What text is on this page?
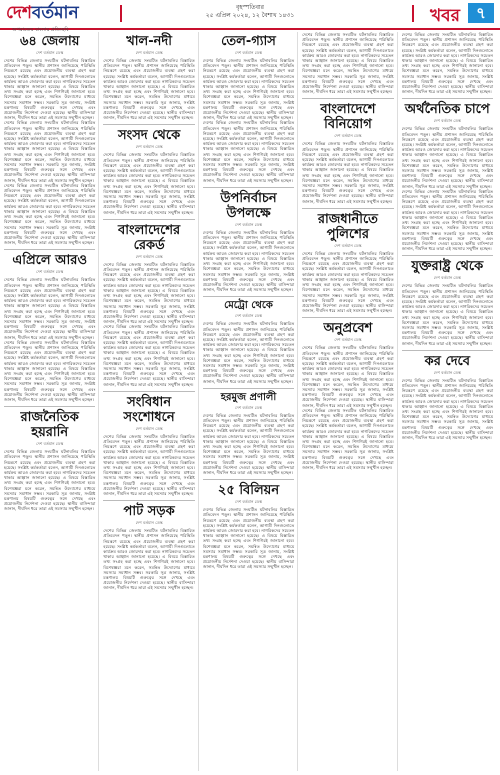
দেশবর্তমান
অপরাজেয় বাংলার প্রতিচ্ছবি
বৃহস্পতিবার
২৫ এপ্রিল ২০২৪, ১২ বৈশাখ ১৪৩১	খবর	৭
৬৪ জেলায়
দেশ বর্তমান ডেস্ক
দেশের বিভিন্ন জেলায় সংঘটিত ঘটনাবলির বিস্তারিত প্রতিবেদন পড়ুন। স্থানীয় প্রশাসন জানিয়েছে পরিস্থিতি নিয়ন্ত্রণে রয়েছে এবং প্রয়োজনীয় ব্যবস্থা গ্রহণ করা হয়েছে। সংশ্লিষ্ট কর্মকর্তারা বলেন, আগামী দিনগুলোতে কার্যক্রম আরও জোরদার করা হবে। নাগরিকদের সচেতন থাকার আহ্বান জানানো হয়েছে। এ বিষয়ে বিস্তারিত তথ্য সংগ্রহ করা হচ্ছে এবং শিগগিরই জানানো হবে। বিশেষজ্ঞরা মনে করেন, সমন্বিত উদ্যোগের মাধ্যমে সমস্যার সমাধান সম্ভব। সরকারি সূত্র জানায়, সংশ্লিষ্ট মন্ত্রণালয় বিষয়টি গুরুত্বের সঙ্গে দেখছে এবং প্রয়োজনীয় নির্দেশনা দেওয়া হয়েছে। স্থানীয় বাসিন্দারা জানান, দীর্ঘদিন ধরে তারা এই সমস্যার সম্মুখীন হচ্ছেন।
দেশের বিভিন্ন জেলায় সংঘটিত ঘটনাবলির বিস্তারিত প্রতিবেদন পড়ুন। স্থানীয় প্রশাসন জানিয়েছে পরিস্থিতি নিয়ন্ত্রণে রয়েছে এবং প্রয়োজনীয় ব্যবস্থা গ্রহণ করা হয়েছে। সংশ্লিষ্ট কর্মকর্তারা বলেন, আগামী দিনগুলোতে কার্যক্রম আরও জোরদার করা হবে। নাগরিকদের সচেতন থাকার আহ্বান জানানো হয়েছে। এ বিষয়ে বিস্তারিত তথ্য সংগ্রহ করা হচ্ছে এবং শিগগিরই জানানো হবে। বিশেষজ্ঞরা মনে করেন, সমন্বিত উদ্যোগের মাধ্যমে সমস্যার সমাধান সম্ভব। সরকারি সূত্র জানায়, সংশ্লিষ্ট মন্ত্রণালয় বিষয়টি গুরুত্বের সঙ্গে দেখছে এবং প্রয়োজনীয় নির্দেশনা দেওয়া হয়েছে। স্থানীয় বাসিন্দারা জানান, দীর্ঘদিন ধরে তারা এই সমস্যার সম্মুখীন হচ্ছেন।
দেশের বিভিন্ন জেলায় সংঘটিত ঘটনাবলির বিস্তারিত প্রতিবেদন পড়ুন। স্থানীয় প্রশাসন জানিয়েছে পরিস্থিতি নিয়ন্ত্রণে রয়েছে এবং প্রয়োজনীয় ব্যবস্থা গ্রহণ করা হয়েছে। সংশ্লিষ্ট কর্মকর্তারা বলেন, আগামী দিনগুলোতে কার্যক্রম আরও জোরদার করা হবে। নাগরিকদের সচেতন থাকার আহ্বান জানানো হয়েছে। এ বিষয়ে বিস্তারিত তথ্য সংগ্রহ করা হচ্ছে এবং শিগগিরই জানানো হবে। বিশেষজ্ঞরা মনে করেন, সমন্বিত উদ্যোগের মাধ্যমে সমস্যার সমাধান সম্ভব। সরকারি সূত্র জানায়, সংশ্লিষ্ট মন্ত্রণালয় বিষয়টি গুরুত্বের সঙ্গে দেখছে এবং প্রয়োজনীয় নির্দেশনা দেওয়া হয়েছে। স্থানীয় বাসিন্দারা জানান, দীর্ঘদিন ধরে তারা এই সমস্যার সম্মুখীন হচ্ছেন।
এপ্রিলে আরও
দেশ বর্তমান ডেস্ক
দেশের বিভিন্ন জেলায় সংঘটিত ঘটনাবলির বিস্তারিত প্রতিবেদন পড়ুন। স্থানীয় প্রশাসন জানিয়েছে পরিস্থিতি নিয়ন্ত্রণে রয়েছে এবং প্রয়োজনীয় ব্যবস্থা গ্রহণ করা হয়েছে। সংশ্লিষ্ট কর্মকর্তারা বলেন, আগামী দিনগুলোতে কার্যক্রম আরও জোরদার করা হবে। নাগরিকদের সচেতন থাকার আহ্বান জানানো হয়েছে। এ বিষয়ে বিস্তারিত তথ্য সংগ্রহ করা হচ্ছে এবং শিগগিরই জানানো হবে। বিশেষজ্ঞরা মনে করেন, সমন্বিত উদ্যোগের মাধ্যমে সমস্যার সমাধান সম্ভব। সরকারি সূত্র জানায়, সংশ্লিষ্ট মন্ত্রণালয় বিষয়টি গুরুত্বের সঙ্গে দেখছে এবং প্রয়োজনীয় নির্দেশনা দেওয়া হয়েছে। স্থানীয় বাসিন্দারা জানান, দীর্ঘদিন ধরে তারা এই সমস্যার সম্মুখীন হচ্ছেন।
দেশের বিভিন্ন জেলায় সংঘটিত ঘটনাবলির বিস্তারিত প্রতিবেদন পড়ুন। স্থানীয় প্রশাসন জানিয়েছে পরিস্থিতি নিয়ন্ত্রণে রয়েছে এবং প্রয়োজনীয় ব্যবস্থা গ্রহণ করা হয়েছে। সংশ্লিষ্ট কর্মকর্তারা বলেন, আগামী দিনগুলোতে কার্যক্রম আরও জোরদার করা হবে। নাগরিকদের সচেতন থাকার আহ্বান জানানো হয়েছে। এ বিষয়ে বিস্তারিত তথ্য সংগ্রহ করা হচ্ছে এবং শিগগিরই জানানো হবে। বিশেষজ্ঞরা মনে করেন, সমন্বিত উদ্যোগের মাধ্যমে সমস্যার সমাধান সম্ভব। সরকারি সূত্র জানায়, সংশ্লিষ্ট মন্ত্রণালয় বিষয়টি গুরুত্বের সঙ্গে দেখছে এবং প্রয়োজনীয় নির্দেশনা দেওয়া হয়েছে। স্থানীয় বাসিন্দারা জানান, দীর্ঘদিন ধরে তারা এই সমস্যার সম্মুখীন হচ্ছেন।
রাজনৈতিক হয়রানি
দেশ বর্তমান ডেস্ক
দেশের বিভিন্ন জেলায় সংঘটিত ঘটনাবলির বিস্তারিত প্রতিবেদন পড়ুন। স্থানীয় প্রশাসন জানিয়েছে পরিস্থিতি নিয়ন্ত্রণে রয়েছে এবং প্রয়োজনীয় ব্যবস্থা গ্রহণ করা হয়েছে। সংশ্লিষ্ট কর্মকর্তারা বলেন, আগামী দিনগুলোতে কার্যক্রম আরও জোরদার করা হবে। নাগরিকদের সচেতন থাকার আহ্বান জানানো হয়েছে। এ বিষয়ে বিস্তারিত তথ্য সংগ্রহ করা হচ্ছে এবং শিগগিরই জানানো হবে। বিশেষজ্ঞরা মনে করেন, সমন্বিত উদ্যোগের মাধ্যমে সমস্যার সমাধান সম্ভব। সরকারি সূত্র জানায়, সংশ্লিষ্ট মন্ত্রণালয় বিষয়টি গুরুত্বের সঙ্গে দেখছে এবং প্রয়োজনীয় নির্দেশনা দেওয়া হয়েছে। স্থানীয় বাসিন্দারা জানান, দীর্ঘদিন ধরে তারা এই সমস্যার সম্মুখীন হচ্ছেন।
খাল-নদী
দেশ বর্তমান ডেস্ক
দেশের বিভিন্ন জেলায় সংঘটিত ঘটনাবলির বিস্তারিত প্রতিবেদন পড়ুন। স্থানীয় প্রশাসন জানিয়েছে পরিস্থিতি নিয়ন্ত্রণে রয়েছে এবং প্রয়োজনীয় ব্যবস্থা গ্রহণ করা হয়েছে। সংশ্লিষ্ট কর্মকর্তারা বলেন, আগামী দিনগুলোতে কার্যক্রম আরও জোরদার করা হবে। নাগরিকদের সচেতন থাকার আহ্বান জানানো হয়েছে। এ বিষয়ে বিস্তারিত তথ্য সংগ্রহ করা হচ্ছে এবং শিগগিরই জানানো হবে। বিশেষজ্ঞরা মনে করেন, সমন্বিত উদ্যোগের মাধ্যমে সমস্যার সমাধান সম্ভব। সরকারি সূত্র জানায়, সংশ্লিষ্ট মন্ত্রণালয় বিষয়টি গুরুত্বের সঙ্গে দেখছে এবং প্রয়োজনীয় নির্দেশনা দেওয়া হয়েছে। স্থানীয় বাসিন্দারা জানান, দীর্ঘদিন ধরে তারা এই সমস্যার সম্মুখীন হচ্ছেন।
সংসদ থেকে
দেশ বর্তমান ডেস্ক
দেশের বিভিন্ন জেলায় সংঘটিত ঘটনাবলির বিস্তারিত প্রতিবেদন পড়ুন। স্থানীয় প্রশাসন জানিয়েছে পরিস্থিতি নিয়ন্ত্রণে রয়েছে এবং প্রয়োজনীয় ব্যবস্থা গ্রহণ করা হয়েছে। সংশ্লিষ্ট কর্মকর্তারা বলেন, আগামী দিনগুলোতে কার্যক্রম আরও জোরদার করা হবে। নাগরিকদের সচেতন থাকার আহ্বান জানানো হয়েছে। এ বিষয়ে বিস্তারিত তথ্য সংগ্রহ করা হচ্ছে এবং শিগগিরই জানানো হবে। বিশেষজ্ঞরা মনে করেন, সমন্বিত উদ্যোগের মাধ্যমে সমস্যার সমাধান সম্ভব। সরকারি সূত্র জানায়, সংশ্লিষ্ট মন্ত্রণালয় বিষয়টি গুরুত্বের সঙ্গে দেখছে এবং প্রয়োজনীয় নির্দেশনা দেওয়া হয়েছে। স্থানীয় বাসিন্দারা জানান, দীর্ঘদিন ধরে তারা এই সমস্যার সম্মুখীন হচ্ছেন।
বাংলাদেশের রেকর্ড
দেশ বর্তমান ডেস্ক
দেশের বিভিন্ন জেলায় সংঘটিত ঘটনাবলির বিস্তারিত প্রতিবেদন পড়ুন। স্থানীয় প্রশাসন জানিয়েছে পরিস্থিতি নিয়ন্ত্রণে রয়েছে এবং প্রয়োজনীয় ব্যবস্থা গ্রহণ করা হয়েছে। সংশ্লিষ্ট কর্মকর্তারা বলেন, আগামী দিনগুলোতে কার্যক্রম আরও জোরদার করা হবে। নাগরিকদের সচেতন থাকার আহ্বান জানানো হয়েছে। এ বিষয়ে বিস্তারিত তথ্য সংগ্রহ করা হচ্ছে এবং শিগগিরই জানানো হবে। বিশেষজ্ঞরা মনে করেন, সমন্বিত উদ্যোগের মাধ্যমে সমস্যার সমাধান সম্ভব। সরকারি সূত্র জানায়, সংশ্লিষ্ট মন্ত্রণালয় বিষয়টি গুরুত্বের সঙ্গে দেখছে এবং প্রয়োজনীয় নির্দেশনা দেওয়া হয়েছে। স্থানীয় বাসিন্দারা জানান, দীর্ঘদিন ধরে তারা এই সমস্যার সম্মুখীন হচ্ছেন।
দেশের বিভিন্ন জেলায় সংঘটিত ঘটনাবলির বিস্তারিত প্রতিবেদন পড়ুন। স্থানীয় প্রশাসন জানিয়েছে পরিস্থিতি নিয়ন্ত্রণে রয়েছে এবং প্রয়োজনীয় ব্যবস্থা গ্রহণ করা হয়েছে। সংশ্লিষ্ট কর্মকর্তারা বলেন, আগামী দিনগুলোতে কার্যক্রম আরও জোরদার করা হবে। নাগরিকদের সচেতন থাকার আহ্বান জানানো হয়েছে। এ বিষয়ে বিস্তারিত তথ্য সংগ্রহ করা হচ্ছে এবং শিগগিরই জানানো হবে। বিশেষজ্ঞরা মনে করেন, সমন্বিত উদ্যোগের মাধ্যমে সমস্যার সমাধান সম্ভব। সরকারি সূত্র জানায়, সংশ্লিষ্ট মন্ত্রণালয় বিষয়টি গুরুত্বের সঙ্গে দেখছে এবং প্রয়োজনীয় নির্দেশনা দেওয়া হয়েছে। স্থানীয় বাসিন্দারা জানান, দীর্ঘদিন ধরে তারা এই সমস্যার সম্মুখীন হচ্ছেন।
সংবিধান সংশোধনে
দেশ বর্তমান ডেস্ক
দেশের বিভিন্ন জেলায় সংঘটিত ঘটনাবলির বিস্তারিত প্রতিবেদন পড়ুন। স্থানীয় প্রশাসন জানিয়েছে পরিস্থিতি নিয়ন্ত্রণে রয়েছে এবং প্রয়োজনীয় ব্যবস্থা গ্রহণ করা হয়েছে। সংশ্লিষ্ট কর্মকর্তারা বলেন, আগামী দিনগুলোতে কার্যক্রম আরও জোরদার করা হবে। নাগরিকদের সচেতন থাকার আহ্বান জানানো হয়েছে। এ বিষয়ে বিস্তারিত তথ্য সংগ্রহ করা হচ্ছে এবং শিগগিরই জানানো হবে। বিশেষজ্ঞরা মনে করেন, সমন্বিত উদ্যোগের মাধ্যমে সমস্যার সমাধান সম্ভব। সরকারি সূত্র জানায়, সংশ্লিষ্ট মন্ত্রণালয় বিষয়টি গুরুত্বের সঙ্গে দেখছে এবং প্রয়োজনীয় নির্দেশনা দেওয়া হয়েছে। স্থানীয় বাসিন্দারা জানান, দীর্ঘদিন ধরে তারা এই সমস্যার সম্মুখীন হচ্ছেন।
পাট সড়ক
দেশ বর্তমান ডেস্ক
দেশের বিভিন্ন জেলায় সংঘটিত ঘটনাবলির বিস্তারিত প্রতিবেদন পড়ুন। স্থানীয় প্রশাসন জানিয়েছে পরিস্থিতি নিয়ন্ত্রণে রয়েছে এবং প্রয়োজনীয় ব্যবস্থা গ্রহণ করা হয়েছে। সংশ্লিষ্ট কর্মকর্তারা বলেন, আগামী দিনগুলোতে কার্যক্রম আরও জোরদার করা হবে। নাগরিকদের সচেতন থাকার আহ্বান জানানো হয়েছে। এ বিষয়ে বিস্তারিত তথ্য সংগ্রহ করা হচ্ছে এবং শিগগিরই জানানো হবে। বিশেষজ্ঞরা মনে করেন, সমন্বিত উদ্যোগের মাধ্যমে সমস্যার সমাধান সম্ভব। সরকারি সূত্র জানায়, সংশ্লিষ্ট মন্ত্রণালয় বিষয়টি গুরুত্বের সঙ্গে দেখছে এবং প্রয়োজনীয় নির্দেশনা দেওয়া হয়েছে। স্থানীয় বাসিন্দারা জানান, দীর্ঘদিন ধরে তারা এই সমস্যার সম্মুখীন হচ্ছেন।
তেল-গ্যাস
দেশ বর্তমান ডেস্ক
দেশের বিভিন্ন জেলায় সংঘটিত ঘটনাবলির বিস্তারিত প্রতিবেদন পড়ুন। স্থানীয় প্রশাসন জানিয়েছে পরিস্থিতি নিয়ন্ত্রণে রয়েছে এবং প্রয়োজনীয় ব্যবস্থা গ্রহণ করা হয়েছে। সংশ্লিষ্ট কর্মকর্তারা বলেন, আগামী দিনগুলোতে কার্যক্রম আরও জোরদার করা হবে। নাগরিকদের সচেতন থাকার আহ্বান জানানো হয়েছে। এ বিষয়ে বিস্তারিত তথ্য সংগ্রহ করা হচ্ছে এবং শিগগিরই জানানো হবে। বিশেষজ্ঞরা মনে করেন, সমন্বিত উদ্যোগের মাধ্যমে সমস্যার সমাধান সম্ভব। সরকারি সূত্র জানায়, সংশ্লিষ্ট মন্ত্রণালয় বিষয়টি গুরুত্বের সঙ্গে দেখছে এবং প্রয়োজনীয় নির্দেশনা দেওয়া হয়েছে। স্থানীয় বাসিন্দারা জানান, দীর্ঘদিন ধরে তারা এই সমস্যার সম্মুখীন হচ্ছেন।
দেশের বিভিন্ন জেলায় সংঘটিত ঘটনাবলির বিস্তারিত প্রতিবেদন পড়ুন। স্থানীয় প্রশাসন জানিয়েছে পরিস্থিতি নিয়ন্ত্রণে রয়েছে এবং প্রয়োজনীয় ব্যবস্থা গ্রহণ করা হয়েছে। সংশ্লিষ্ট কর্মকর্তারা বলেন, আগামী দিনগুলোতে কার্যক্রম আরও জোরদার করা হবে। নাগরিকদের সচেতন থাকার আহ্বান জানানো হয়েছে। এ বিষয়ে বিস্তারিত তথ্য সংগ্রহ করা হচ্ছে এবং শিগগিরই জানানো হবে। বিশেষজ্ঞরা মনে করেন, সমন্বিত উদ্যোগের মাধ্যমে সমস্যার সমাধান সম্ভব। সরকারি সূত্র জানায়, সংশ্লিষ্ট মন্ত্রণালয় বিষয়টি গুরুত্বের সঙ্গে দেখছে এবং প্রয়োজনীয় নির্দেশনা দেওয়া হয়েছে। স্থানীয় বাসিন্দারা জানান, দীর্ঘদিন ধরে তারা এই সমস্যার সম্মুখীন হচ্ছেন।
উপনির্বাচন উপলক্ষে
দেশ বর্তমান ডেস্ক
দেশের বিভিন্ন জেলায় সংঘটিত ঘটনাবলির বিস্তারিত প্রতিবেদন পড়ুন। স্থানীয় প্রশাসন জানিয়েছে পরিস্থিতি নিয়ন্ত্রণে রয়েছে এবং প্রয়োজনীয় ব্যবস্থা গ্রহণ করা হয়েছে। সংশ্লিষ্ট কর্মকর্তারা বলেন, আগামী দিনগুলোতে কার্যক্রম আরও জোরদার করা হবে। নাগরিকদের সচেতন থাকার আহ্বান জানানো হয়েছে। এ বিষয়ে বিস্তারিত তথ্য সংগ্রহ করা হচ্ছে এবং শিগগিরই জানানো হবে। বিশেষজ্ঞরা মনে করেন, সমন্বিত উদ্যোগের মাধ্যমে সমস্যার সমাধান সম্ভব। সরকারি সূত্র জানায়, সংশ্লিষ্ট মন্ত্রণালয় বিষয়টি গুরুত্বের সঙ্গে দেখছে এবং প্রয়োজনীয় নির্দেশনা দেওয়া হয়েছে। স্থানীয় বাসিন্দারা জানান, দীর্ঘদিন ধরে তারা এই সমস্যার সম্মুখীন হচ্ছেন।
মেট্রো থেকে
দেশ বর্তমান ডেস্ক
দেশের বিভিন্ন জেলায় সংঘটিত ঘটনাবলির বিস্তারিত প্রতিবেদন পড়ুন। স্থানীয় প্রশাসন জানিয়েছে পরিস্থিতি নিয়ন্ত্রণে রয়েছে এবং প্রয়োজনীয় ব্যবস্থা গ্রহণ করা হয়েছে। সংশ্লিষ্ট কর্মকর্তারা বলেন, আগামী দিনগুলোতে কার্যক্রম আরও জোরদার করা হবে। নাগরিকদের সচেতন থাকার আহ্বান জানানো হয়েছে। এ বিষয়ে বিস্তারিত তথ্য সংগ্রহ করা হচ্ছে এবং শিগগিরই জানানো হবে। বিশেষজ্ঞরা মনে করেন, সমন্বিত উদ্যোগের মাধ্যমে সমস্যার সমাধান সম্ভব। সরকারি সূত্র জানায়, সংশ্লিষ্ট মন্ত্রণালয় বিষয়টি গুরুত্বের সঙ্গে দেখছে এবং প্রয়োজনীয় নির্দেশনা দেওয়া হয়েছে। স্থানীয় বাসিন্দারা জানান, দীর্ঘদিন ধরে তারা এই সমস্যার সম্মুখীন হচ্ছেন।
হরমুজ প্রণালী
দেশ বর্তমান ডেস্ক
দেশের বিভিন্ন জেলায় সংঘটিত ঘটনাবলির বিস্তারিত প্রতিবেদন পড়ুন। স্থানীয় প্রশাসন জানিয়েছে পরিস্থিতি নিয়ন্ত্রণে রয়েছে এবং প্রয়োজনীয় ব্যবস্থা গ্রহণ করা হয়েছে। সংশ্লিষ্ট কর্মকর্তারা বলেন, আগামী দিনগুলোতে কার্যক্রম আরও জোরদার করা হবে। নাগরিকদের সচেতন থাকার আহ্বান জানানো হয়েছে। এ বিষয়ে বিস্তারিত তথ্য সংগ্রহ করা হচ্ছে এবং শিগগিরই জানানো হবে। বিশেষজ্ঞরা মনে করেন, সমন্বিত উদ্যোগের মাধ্যমে সমস্যার সমাধান সম্ভব। সরকারি সূত্র জানায়, সংশ্লিষ্ট মন্ত্রণালয় বিষয়টি গুরুত্বের সঙ্গে দেখছে এবং প্রয়োজনীয় নির্দেশনা দেওয়া হয়েছে। স্থানীয় বাসিন্দারা জানান, দীর্ঘদিন ধরে তারা এই সমস্যার সম্মুখীন হচ্ছেন।
২৫ বিলিয়ন
দেশ বর্তমান ডেস্ক
দেশের বিভিন্ন জেলায় সংঘটিত ঘটনাবলির বিস্তারিত প্রতিবেদন পড়ুন। স্থানীয় প্রশাসন জানিয়েছে পরিস্থিতি নিয়ন্ত্রণে রয়েছে এবং প্রয়োজনীয় ব্যবস্থা গ্রহণ করা হয়েছে। সংশ্লিষ্ট কর্মকর্তারা বলেন, আগামী দিনগুলোতে কার্যক্রম আরও জোরদার করা হবে। নাগরিকদের সচেতন থাকার আহ্বান জানানো হয়েছে। এ বিষয়ে বিস্তারিত তথ্য সংগ্রহ করা হচ্ছে এবং শিগগিরই জানানো হবে। বিশেষজ্ঞরা মনে করেন, সমন্বিত উদ্যোগের মাধ্যমে সমস্যার সমাধান সম্ভব। সরকারি সূত্র জানায়, সংশ্লিষ্ট মন্ত্রণালয় বিষয়টি গুরুত্বের সঙ্গে দেখছে এবং প্রয়োজনীয় নির্দেশনা দেওয়া হয়েছে। স্থানীয় বাসিন্দারা জানান, দীর্ঘদিন ধরে তারা এই সমস্যার সম্মুখীন হচ্ছেন।
দেশের বিভিন্ন জেলায় সংঘটিত ঘটনাবলির বিস্তারিত প্রতিবেদন পড়ুন। স্থানীয় প্রশাসন জানিয়েছে পরিস্থিতি নিয়ন্ত্রণে রয়েছে এবং প্রয়োজনীয় ব্যবস্থা গ্রহণ করা হয়েছে। সংশ্লিষ্ট কর্মকর্তারা বলেন, আগামী দিনগুলোতে কার্যক্রম আরও জোরদার করা হবে। নাগরিকদের সচেতন থাকার আহ্বান জানানো হয়েছে। এ বিষয়ে বিস্তারিত তথ্য সংগ্রহ করা হচ্ছে এবং শিগগিরই জানানো হবে। বিশেষজ্ঞরা মনে করেন, সমন্বিত উদ্যোগের মাধ্যমে সমস্যার সমাধান সম্ভব। সরকারি সূত্র জানায়, সংশ্লিষ্ট মন্ত্রণালয় বিষয়টি গুরুত্বের সঙ্গে দেখছে এবং প্রয়োজনীয় নির্দেশনা দেওয়া হয়েছে। স্থানীয় বাসিন্দারা জানান, দীর্ঘদিন ধরে তারা এই সমস্যার সম্মুখীন হচ্ছেন।
বাংলাদেশে বিনিয়োগ
দেশ বর্তমান ডেস্ক
দেশের বিভিন্ন জেলায় সংঘটিত ঘটনাবলির বিস্তারিত প্রতিবেদন পড়ুন। স্থানীয় প্রশাসন জানিয়েছে পরিস্থিতি নিয়ন্ত্রণে রয়েছে এবং প্রয়োজনীয় ব্যবস্থা গ্রহণ করা হয়েছে। সংশ্লিষ্ট কর্মকর্তারা বলেন, আগামী দিনগুলোতে কার্যক্রম আরও জোরদার করা হবে। নাগরিকদের সচেতন থাকার আহ্বান জানানো হয়েছে। এ বিষয়ে বিস্তারিত তথ্য সংগ্রহ করা হচ্ছে এবং শিগগিরই জানানো হবে। বিশেষজ্ঞরা মনে করেন, সমন্বিত উদ্যোগের মাধ্যমে সমস্যার সমাধান সম্ভব। সরকারি সূত্র জানায়, সংশ্লিষ্ট মন্ত্রণালয় বিষয়টি গুরুত্বের সঙ্গে দেখছে এবং প্রয়োজনীয় নির্দেশনা দেওয়া হয়েছে। স্থানীয় বাসিন্দারা জানান, দীর্ঘদিন ধরে তারা এই সমস্যার সম্মুখীন হচ্ছেন।
রাজধানীতে পুলিশের
দেশ বর্তমান ডেস্ক
দেশের বিভিন্ন জেলায় সংঘটিত ঘটনাবলির বিস্তারিত প্রতিবেদন পড়ুন। স্থানীয় প্রশাসন জানিয়েছে পরিস্থিতি নিয়ন্ত্রণে রয়েছে এবং প্রয়োজনীয় ব্যবস্থা গ্রহণ করা হয়েছে। সংশ্লিষ্ট কর্মকর্তারা বলেন, আগামী দিনগুলোতে কার্যক্রম আরও জোরদার করা হবে। নাগরিকদের সচেতন থাকার আহ্বান জানানো হয়েছে। এ বিষয়ে বিস্তারিত তথ্য সংগ্রহ করা হচ্ছে এবং শিগগিরই জানানো হবে। বিশেষজ্ঞরা মনে করেন, সমন্বিত উদ্যোগের মাধ্যমে সমস্যার সমাধান সম্ভব। সরকারি সূত্র জানায়, সংশ্লিষ্ট মন্ত্রণালয় বিষয়টি গুরুত্বের সঙ্গে দেখছে এবং প্রয়োজনীয় নির্দেশনা দেওয়া হয়েছে। স্থানীয় বাসিন্দারা জানান, দীর্ঘদিন ধরে তারা এই সমস্যার সম্মুখীন হচ্ছেন।
অনুপ্রবেশ
দেশ বর্তমান ডেস্ক
দেশের বিভিন্ন জেলায় সংঘটিত ঘটনাবলির বিস্তারিত প্রতিবেদন পড়ুন। স্থানীয় প্রশাসন জানিয়েছে পরিস্থিতি নিয়ন্ত্রণে রয়েছে এবং প্রয়োজনীয় ব্যবস্থা গ্রহণ করা হয়েছে। সংশ্লিষ্ট কর্মকর্তারা বলেন, আগামী দিনগুলোতে কার্যক্রম আরও জোরদার করা হবে। নাগরিকদের সচেতন থাকার আহ্বান জানানো হয়েছে। এ বিষয়ে বিস্তারিত তথ্য সংগ্রহ করা হচ্ছে এবং শিগগিরই জানানো হবে। বিশেষজ্ঞরা মনে করেন, সমন্বিত উদ্যোগের মাধ্যমে সমস্যার সমাধান সম্ভব। সরকারি সূত্র জানায়, সংশ্লিষ্ট মন্ত্রণালয় বিষয়টি গুরুত্বের সঙ্গে দেখছে এবং প্রয়োজনীয় নির্দেশনা দেওয়া হয়েছে। স্থানীয় বাসিন্দারা জানান, দীর্ঘদিন ধরে তারা এই সমস্যার সম্মুখীন হচ্ছেন।
দেশের বিভিন্ন জেলায় সংঘটিত ঘটনাবলির বিস্তারিত প্রতিবেদন পড়ুন। স্থানীয় প্রশাসন জানিয়েছে পরিস্থিতি নিয়ন্ত্রণে রয়েছে এবং প্রয়োজনীয় ব্যবস্থা গ্রহণ করা হয়েছে। সংশ্লিষ্ট কর্মকর্তারা বলেন, আগামী দিনগুলোতে কার্যক্রম আরও জোরদার করা হবে। নাগরিকদের সচেতন থাকার আহ্বান জানানো হয়েছে। এ বিষয়ে বিস্তারিত তথ্য সংগ্রহ করা হচ্ছে এবং শিগগিরই জানানো হবে। বিশেষজ্ঞরা মনে করেন, সমন্বিত উদ্যোগের মাধ্যমে সমস্যার সমাধান সম্ভব। সরকারি সূত্র জানায়, সংশ্লিষ্ট মন্ত্রণালয় বিষয়টি গুরুত্বের সঙ্গে দেখছে এবং প্রয়োজনীয় নির্দেশনা দেওয়া হয়েছে। স্থানীয় বাসিন্দারা জানান, দীর্ঘদিন ধরে তারা এই সমস্যার সম্মুখীন হচ্ছেন।
দেশের বিভিন্ন জেলায় সংঘটিত ঘটনাবলির বিস্তারিত প্রতিবেদন পড়ুন। স্থানীয় প্রশাসন জানিয়েছে পরিস্থিতি নিয়ন্ত্রণে রয়েছে এবং প্রয়োজনীয় ব্যবস্থা গ্রহণ করা হয়েছে। সংশ্লিষ্ট কর্মকর্তারা বলেন, আগামী দিনগুলোতে কার্যক্রম আরও জোরদার করা হবে। নাগরিকদের সচেতন থাকার আহ্বান জানানো হয়েছে। এ বিষয়ে বিস্তারিত তথ্য সংগ্রহ করা হচ্ছে এবং শিগগিরই জানানো হবে। বিশেষজ্ঞরা মনে করেন, সমন্বিত উদ্যোগের মাধ্যমে সমস্যার সমাধান সম্ভব। সরকারি সূত্র জানায়, সংশ্লিষ্ট মন্ত্রণালয় বিষয়টি গুরুত্বের সঙ্গে দেখছে এবং প্রয়োজনীয় নির্দেশনা দেওয়া হয়েছে। স্থানীয় বাসিন্দারা জানান, দীর্ঘদিন ধরে তারা এই সমস্যার সম্মুখীন হচ্ছেন।
অর্থনৈতিক চাপে
দেশ বর্তমান ডেস্ক
দেশের বিভিন্ন জেলায় সংঘটিত ঘটনাবলির বিস্তারিত প্রতিবেদন পড়ুন। স্থানীয় প্রশাসন জানিয়েছে পরিস্থিতি নিয়ন্ত্রণে রয়েছে এবং প্রয়োজনীয় ব্যবস্থা গ্রহণ করা হয়েছে। সংশ্লিষ্ট কর্মকর্তারা বলেন, আগামী দিনগুলোতে কার্যক্রম আরও জোরদার করা হবে। নাগরিকদের সচেতন থাকার আহ্বান জানানো হয়েছে। এ বিষয়ে বিস্তারিত তথ্য সংগ্রহ করা হচ্ছে এবং শিগগিরই জানানো হবে। বিশেষজ্ঞরা মনে করেন, সমন্বিত উদ্যোগের মাধ্যমে সমস্যার সমাধান সম্ভব। সরকারি সূত্র জানায়, সংশ্লিষ্ট মন্ত্রণালয় বিষয়টি গুরুত্বের সঙ্গে দেখছে এবং প্রয়োজনীয় নির্দেশনা দেওয়া হয়েছে। স্থানীয় বাসিন্দারা জানান, দীর্ঘদিন ধরে তারা এই সমস্যার সম্মুখীন হচ্ছেন।
দেশের বিভিন্ন জেলায় সংঘটিত ঘটনাবলির বিস্তারিত প্রতিবেদন পড়ুন। স্থানীয় প্রশাসন জানিয়েছে পরিস্থিতি নিয়ন্ত্রণে রয়েছে এবং প্রয়োজনীয় ব্যবস্থা গ্রহণ করা হয়েছে। সংশ্লিষ্ট কর্মকর্তারা বলেন, আগামী দিনগুলোতে কার্যক্রম আরও জোরদার করা হবে। নাগরিকদের সচেতন থাকার আহ্বান জানানো হয়েছে। এ বিষয়ে বিস্তারিত তথ্য সংগ্রহ করা হচ্ছে এবং শিগগিরই জানানো হবে। বিশেষজ্ঞরা মনে করেন, সমন্বিত উদ্যোগের মাধ্যমে সমস্যার সমাধান সম্ভব। সরকারি সূত্র জানায়, সংশ্লিষ্ট মন্ত্রণালয় বিষয়টি গুরুত্বের সঙ্গে দেখছে এবং প্রয়োজনীয় নির্দেশনা দেওয়া হয়েছে। স্থানীয় বাসিন্দারা জানান, দীর্ঘদিন ধরে তারা এই সমস্যার সম্মুখীন হচ্ছেন।
যুক্তরাষ্ট্র থেকে
দেশ বর্তমান ডেস্ক
দেশের বিভিন্ন জেলায় সংঘটিত ঘটনাবলির বিস্তারিত প্রতিবেদন পড়ুন। স্থানীয় প্রশাসন জানিয়েছে পরিস্থিতি নিয়ন্ত্রণে রয়েছে এবং প্রয়োজনীয় ব্যবস্থা গ্রহণ করা হয়েছে। সংশ্লিষ্ট কর্মকর্তারা বলেন, আগামী দিনগুলোতে কার্যক্রম আরও জোরদার করা হবে। নাগরিকদের সচেতন থাকার আহ্বান জানানো হয়েছে। এ বিষয়ে বিস্তারিত তথ্য সংগ্রহ করা হচ্ছে এবং শিগগিরই জানানো হবে। বিশেষজ্ঞরা মনে করেন, সমন্বিত উদ্যোগের মাধ্যমে সমস্যার সমাধান সম্ভব। সরকারি সূত্র জানায়, সংশ্লিষ্ট মন্ত্রণালয় বিষয়টি গুরুত্বের সঙ্গে দেখছে এবং প্রয়োজনীয় নির্দেশনা দেওয়া হয়েছে। স্থানীয় বাসিন্দারা জানান, দীর্ঘদিন ধরে তারা এই সমস্যার সম্মুখীন হচ্ছেন।
কর দেবে
দেশ বর্তমান ডেস্ক
দেশের বিভিন্ন জেলায় সংঘটিত ঘটনাবলির বিস্তারিত প্রতিবেদন পড়ুন। স্থানীয় প্রশাসন জানিয়েছে পরিস্থিতি নিয়ন্ত্রণে রয়েছে এবং প্রয়োজনীয় ব্যবস্থা গ্রহণ করা হয়েছে। সংশ্লিষ্ট কর্মকর্তারা বলেন, আগামী দিনগুলোতে কার্যক্রম আরও জোরদার করা হবে। নাগরিকদের সচেতন থাকার আহ্বান জানানো হয়েছে। এ বিষয়ে বিস্তারিত তথ্য সংগ্রহ করা হচ্ছে এবং শিগগিরই জানানো হবে। বিশেষজ্ঞরা মনে করেন, সমন্বিত উদ্যোগের মাধ্যমে সমস্যার সমাধান সম্ভব। সরকারি সূত্র জানায়, সংশ্লিষ্ট মন্ত্রণালয় বিষয়টি গুরুত্বের সঙ্গে দেখছে এবং প্রয়োজনীয় নির্দেশনা দেওয়া হয়েছে। স্থানীয় বাসিন্দারা জানান, দীর্ঘদিন ধরে তারা এই সমস্যার সম্মুখীন হচ্ছেন।
